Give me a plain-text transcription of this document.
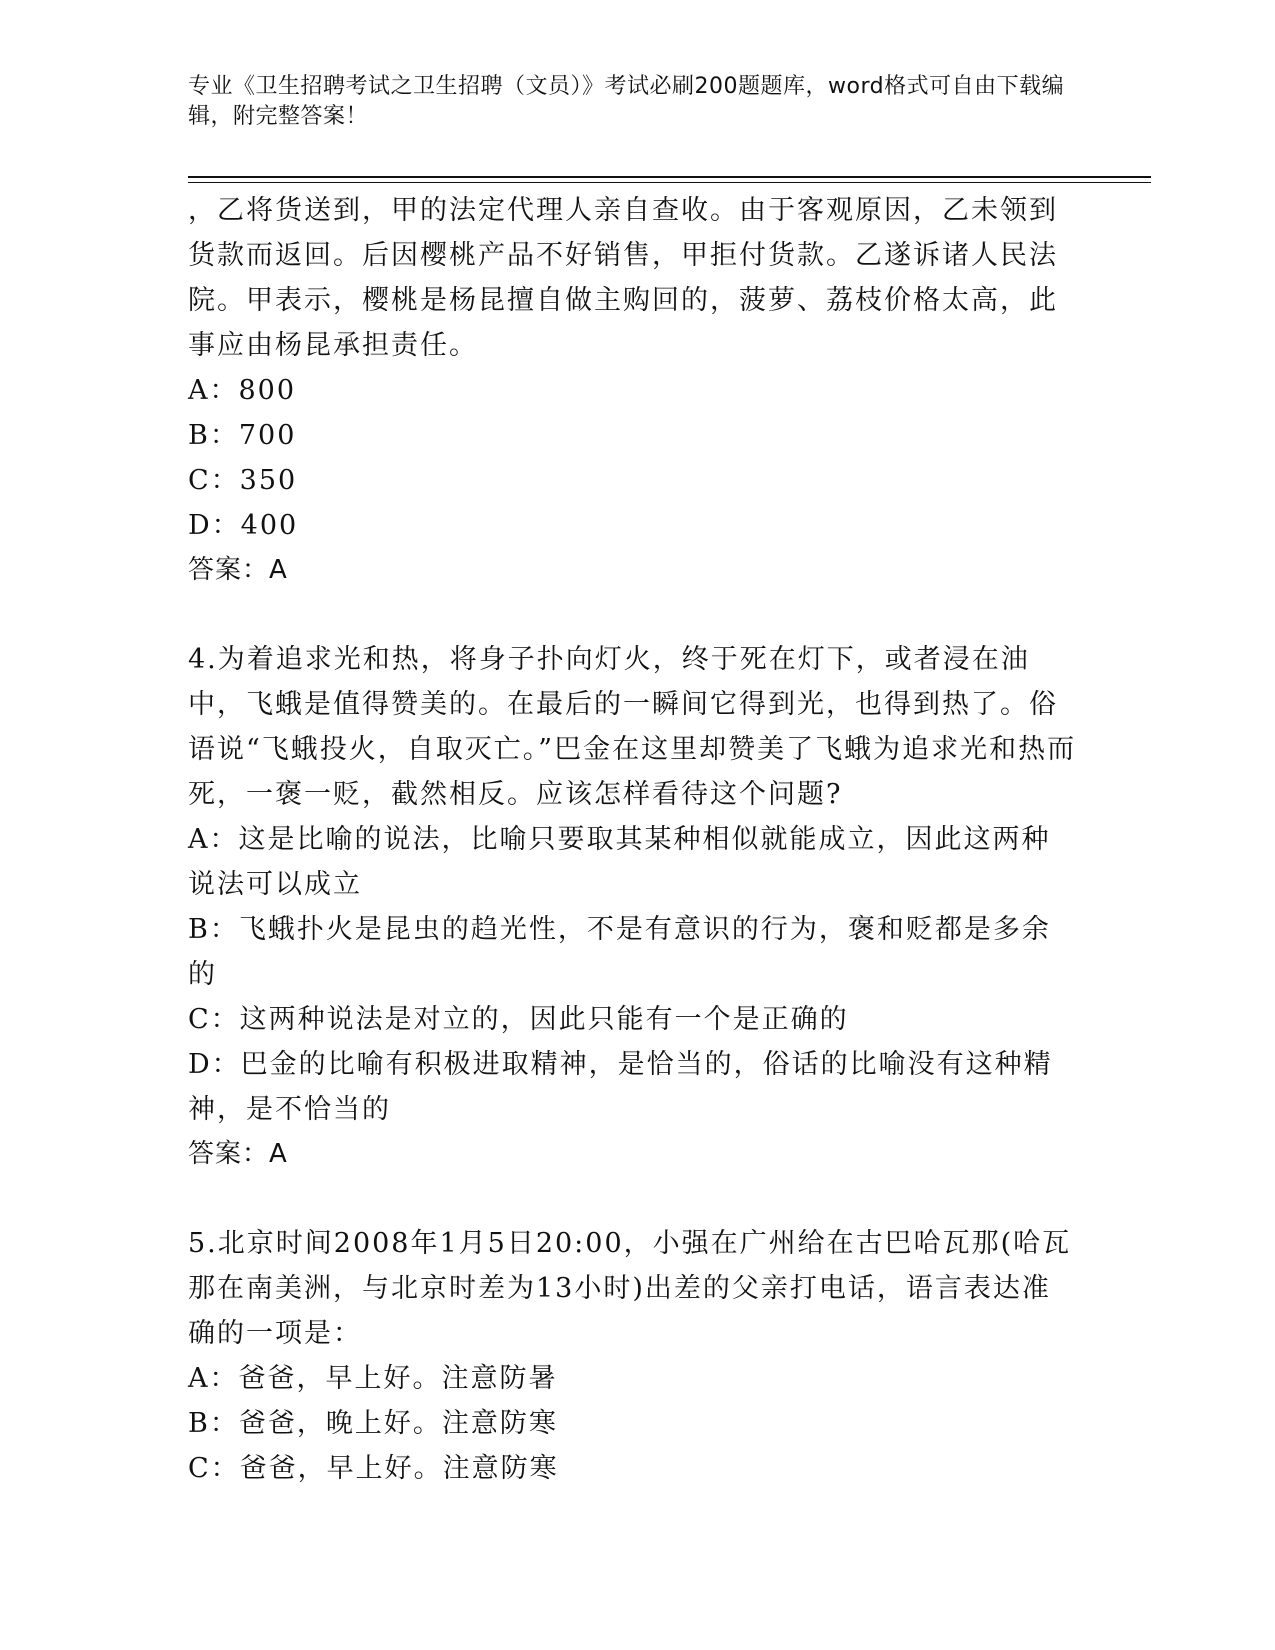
专业《卫生招聘考试之卫生招聘（文员）》考试必刷200题题库，word格式可自由下载编辑，附完整答案！
，乙将货送到，甲的法定代理人亲自查收。由于客观原因，乙未领到货款而返回。后因樱桃产品不好销售，甲拒付货款。乙遂诉诸人民法院。甲表示，樱桃是杨昆擅自做主购回的，菠萝、荔枝价格太高，此事应由杨昆承担责任。
A：800
B：700
C：350
D：400
答案：A
4.为着追求光和热，将身子扑向灯火，终于死在灯下，或者浸在油中，飞蛾是值得赞美的。在最后的一瞬间它得到光，也得到热了。俗语说“飞蛾投火，自取灭亡。”巴金在这里却赞美了飞蛾为追求光和热而死，一褒一贬，截然相反。应该怎样看待这个问题?
A：这是比喻的说法，比喻只要取其某种相似就能成立，因此这两种说法可以成立
B：飞蛾扑火是昆虫的趋光性，不是有意识的行为，褒和贬都是多余的
C：这两种说法是对立的，因此只能有一个是正确的
D：巴金的比喻有积极进取精神，是恰当的，俗话的比喻没有这种精神，是不恰当的
答案：A
5.北京时间2008年1月5日20:00，小强在广州给在古巴哈瓦那(哈瓦那在南美洲，与北京时差为13小时)出差的父亲打电话，语言表达准确的一项是：
A：爸爸，早上好。注意防暑
B：爸爸，晚上好。注意防寒
C：爸爸，早上好。注意防寒
